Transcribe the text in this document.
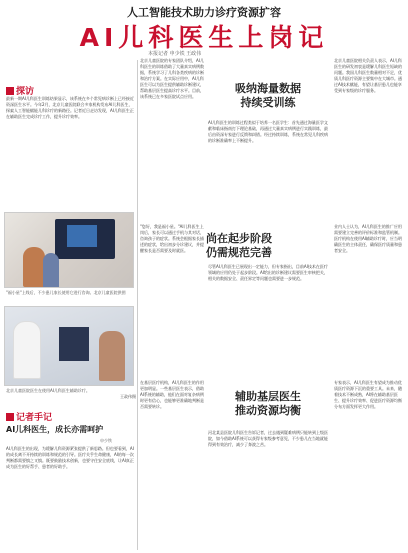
人工智能技术助力诊疗资源扩容
AI儿科医生上岗记
本报记者 申少铁 王政伟
探访
最新一期AI儿科医生训练结果显示，该系统在多个常见病诊断上已经接近资深医生水平。今年2月，北京儿童医院联合多家机构发布AI儿科医生，探索人工智能赋能儿科诊疗的新路径。记者近日走访发现，AI儿科医生正在辅助医生完成诊疗工作，提升诊疗效率。
"福小星"上线后，不少患儿家长使用它进行咨询。北京儿童医院供图
北京儿童医院医生在使用AI儿科医生辅助诊疗。
王政伟摄
记者手记
AI儿科医生，成长亦需呵护
申少铁
AI儿科医生的出现，为缓解儿科资源紧张提供了新思路。但也要看到，AI的成长离不开持续的训练和规范的引导。医疗关乎生命健康，AI的每一次判断都需要慎之又慎。既要鼓励技术创新，也要守住安全底线，让AI真正成为医生的好帮手、患者的好助手。
北京儿童医院的专家团队介绍，AI儿科医生的训练借助了大量真实病例数据，系统学习了儿科各类疾病的诊断和治疗方案。在实际应用中，AI儿科医生可以为医生提供辅助诊断建议，帮助基层医生提高诊疗水平。目前，该系统已在多家医院试点应用。
吸纳海量数据
持续受训练
AI儿科医生的训练过程类似于培养一名医学生：首先通过海量医学文献和临床指南打下理论基础，再通过大量真实病例进行实践训练，最后由资深专家进行反馈和纠错。经过持续训练，系统在常见儿科疾病的诊断准确率上不断提升。
北京儿童医院相关负责人表示，AI儿科医生的研发初衷是缓解儿科医生短缺的问题。我国儿科医生数量相对不足，优质儿科医疗资源主要集中在大城市。通过AI技术赋能，有望让基层患儿也能享受到专家级的诊疗服务。
"您好，我是福小星。"AI儿科医生上岗后，家长可以通过手机与其对话，咨询孩子的症状。系统会根据家长描述的症状，给出初步分诊建议，并提醒家长是否需要及时就医。
尚在起步阶段
仍需规范完善
尽管AI儿科医生已展现出一定能力，但专家指出，目前AI技术在医疗领域的应用仍处于起步阶段。AI给出的诊断建议需要医生审核把关，相关的数据安全、责任界定等问题也需要进一步规范。
业内人士认为，AI儿科医生的推广应用需要建立完善的评价标准和监管机制。医疗机构在使用AI辅助诊疗时，应当明确医生的主体责任，确保医疗质量和患者安全。
在基层医疗机构，AI儿科医生的作用更加明显。一些基层医生表示，借助AI系统的辅助，他们在面对复杂病例时更有信心，也能够更准确地判断是否需要转诊。
辅助基层医生
推动资源均衡
河北某县医院儿科医生告诉记者，过去遇到疑难病例只能转到上级医院，如今借助AI系统可以获得专家级参考意见，不少患儿在当地就能得到有效治疗，减少了奔波之苦。
专家表示，AI儿科医生有望成为推动优质医疗资源下沉的重要工具。未来，随着技术不断成熟，AI将在辅助基层医生、提升诊疗效率、促进医疗资源均衡分布方面发挥更大作用。
